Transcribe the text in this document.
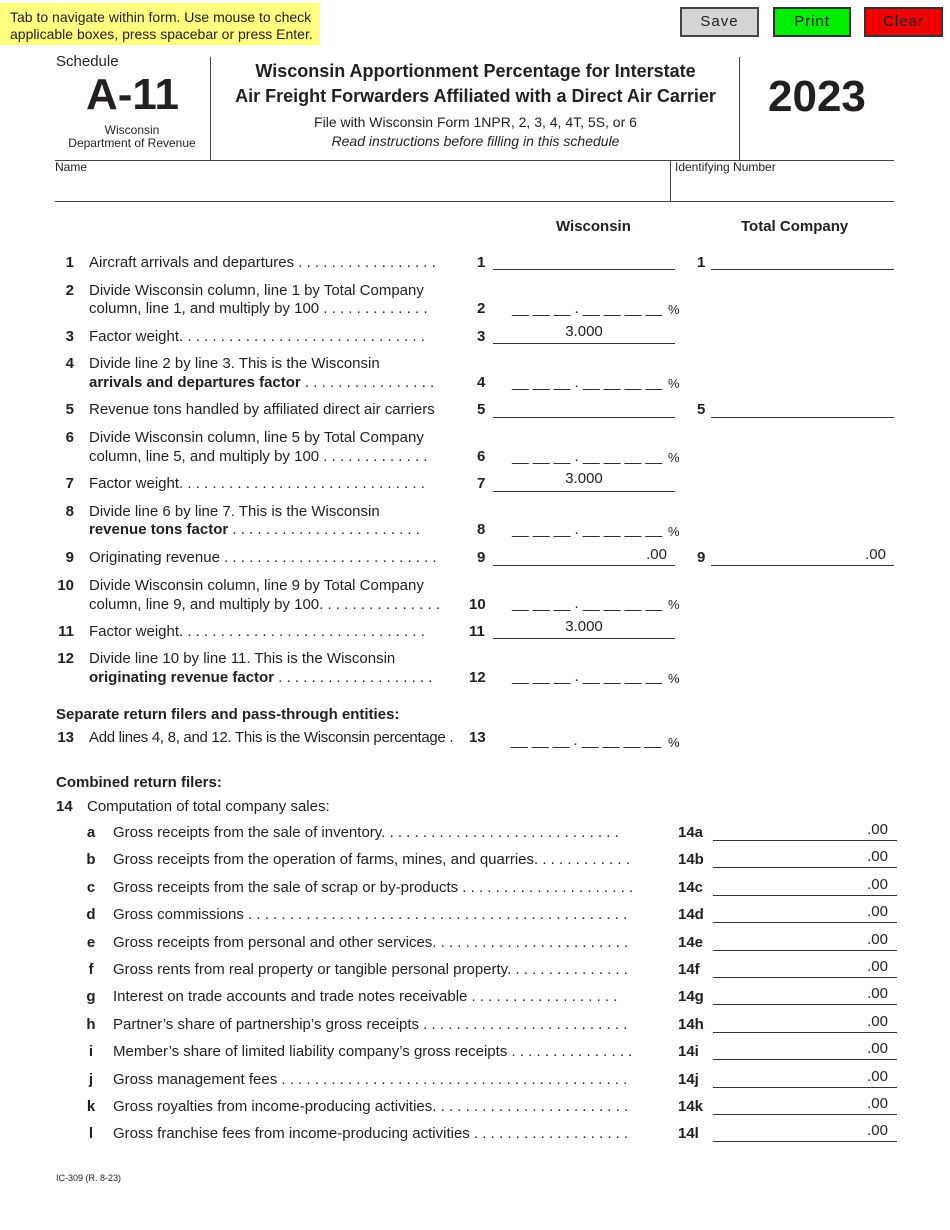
Tab to navigate within form. Use mouse to check applicable boxes, press spacebar or press Enter.
Save	Print	Clear
Schedule
A-11
Wisconsin
Department of Revenue
Wisconsin Apportionment Percentage for Interstate
Air Freight Forwarders Affiliated with a Direct Air Carrier
File with Wisconsin Form 1NPR, 2, 3, 4, 4T, 5S, or 6
Read instructions before filling in this schedule
2023
Name	Identifying Number
Wisconsin	Total Company
1 Aircraft arrivals and departures . . . . . . . . . . . . . . . . .	1	1
2 Divide Wisconsin column, line 1 by Total Company
column, line 1, and multiply by 100 . . . . . . . . . . . . .	2 __ __ __ . __ __ __ __ %
3 Factor weight. . . . . . . . . . . . . . . . . . . . . . . . . . . . . .	3	3.000
4 Divide line 2 by line 3. This is the Wisconsin
arrivals and departures factor . . . . . . . . . . . . . . . .	4 __ __ __ . __ __ __ __ %
5 Revenue tons handled by affiliated direct air carriers	5	5
6 Divide Wisconsin column, line 5 by Total Company
column, line 5, and multiply by 100 . . . . . . . . . . . . .	6 __ __ __ . __ __ __ __ %
7 Factor weight. . . . . . . . . . . . . . . . . . . . . . . . . . . . . .	7	3.000
8 Divide line 6 by line 7. This is the Wisconsin
revenue tons factor . . . . . . . . . . . . . . . . . . . . . . .	8 __ __ __ . __ __ __ __ %
9 Originating revenue . . . . . . . . . . . . . . . . . . . . . . . . . .	9	.00 9	.00
10 Divide Wisconsin column, line 9 by Total Company
column, line 9, and multiply by 100. . . . . . . . . . . . . . . 10 __ __ __ . __ __ __ __ %
11 Factor weight. . . . . . . . . . . . . . . . . . . . . . . . . . . . . .	11	3.000
12 Divide line 10 by line 11. This is the Wisconsin
originating revenue factor . . . . . . . . . . . . . . . . . . . 12 __ __ __ . __ __ __ __ %
Separate return filers and pass-through entities:
13 Add lines 4, 8, and 12. This is the Wisconsin percentage . 13 __ __ __ . __ __ __ __ %
Combined return filers:
14 Computation of total company sales:
a	Gross receipts from the sale of inventory. . . . . . . . . . . . . . . . . . . . . . . . . . . . .	14a	.00
b	Gross receipts from the operation of farms, mines, and quarries. . . . . . . . . . . .	14b	.00
c	Gross receipts from the sale of scrap or by-products . . . . . . . . . . . . . . . . . . . . .	14c	.00
d	Gross commissions . . . . . . . . . . . . . . . . . . . . . . . . . . . . . . . . . . . . . . . . . . . . . .	14d	.00
e	Gross receipts from personal and other services. . . . . . . . . . . . . . . . . . . . . . . .	14e	.00
f	Gross rents from real property or tangible personal property. . . . . . . . . . . . . . .	14f	.00
g	Interest on trade accounts and trade notes receivable . . . . . . . . . . . . . . . . . .	14g	.00
h	Partner’s share of partnership’s gross receipts . . . . . . . . . . . . . . . . . . . . . . . . .	14h	.00
i	Member’s share of limited liability company’s gross receipts . . . . . . . . . . . . . . .	14i	.00
j	Gross management fees . . . . . . . . . . . . . . . . . . . . . . . . . . . . . . . . . . . . . . . . . .	14j	.00
k	Gross royalties from income-producing activities. . . . . . . . . . . . . . . . . . . . . . . .	14k	.00
l	Gross franchise fees from income-producing activities . . . . . . . . . . . . . . . . . . .	14l	.00
IC-309 (R. 8-23)
